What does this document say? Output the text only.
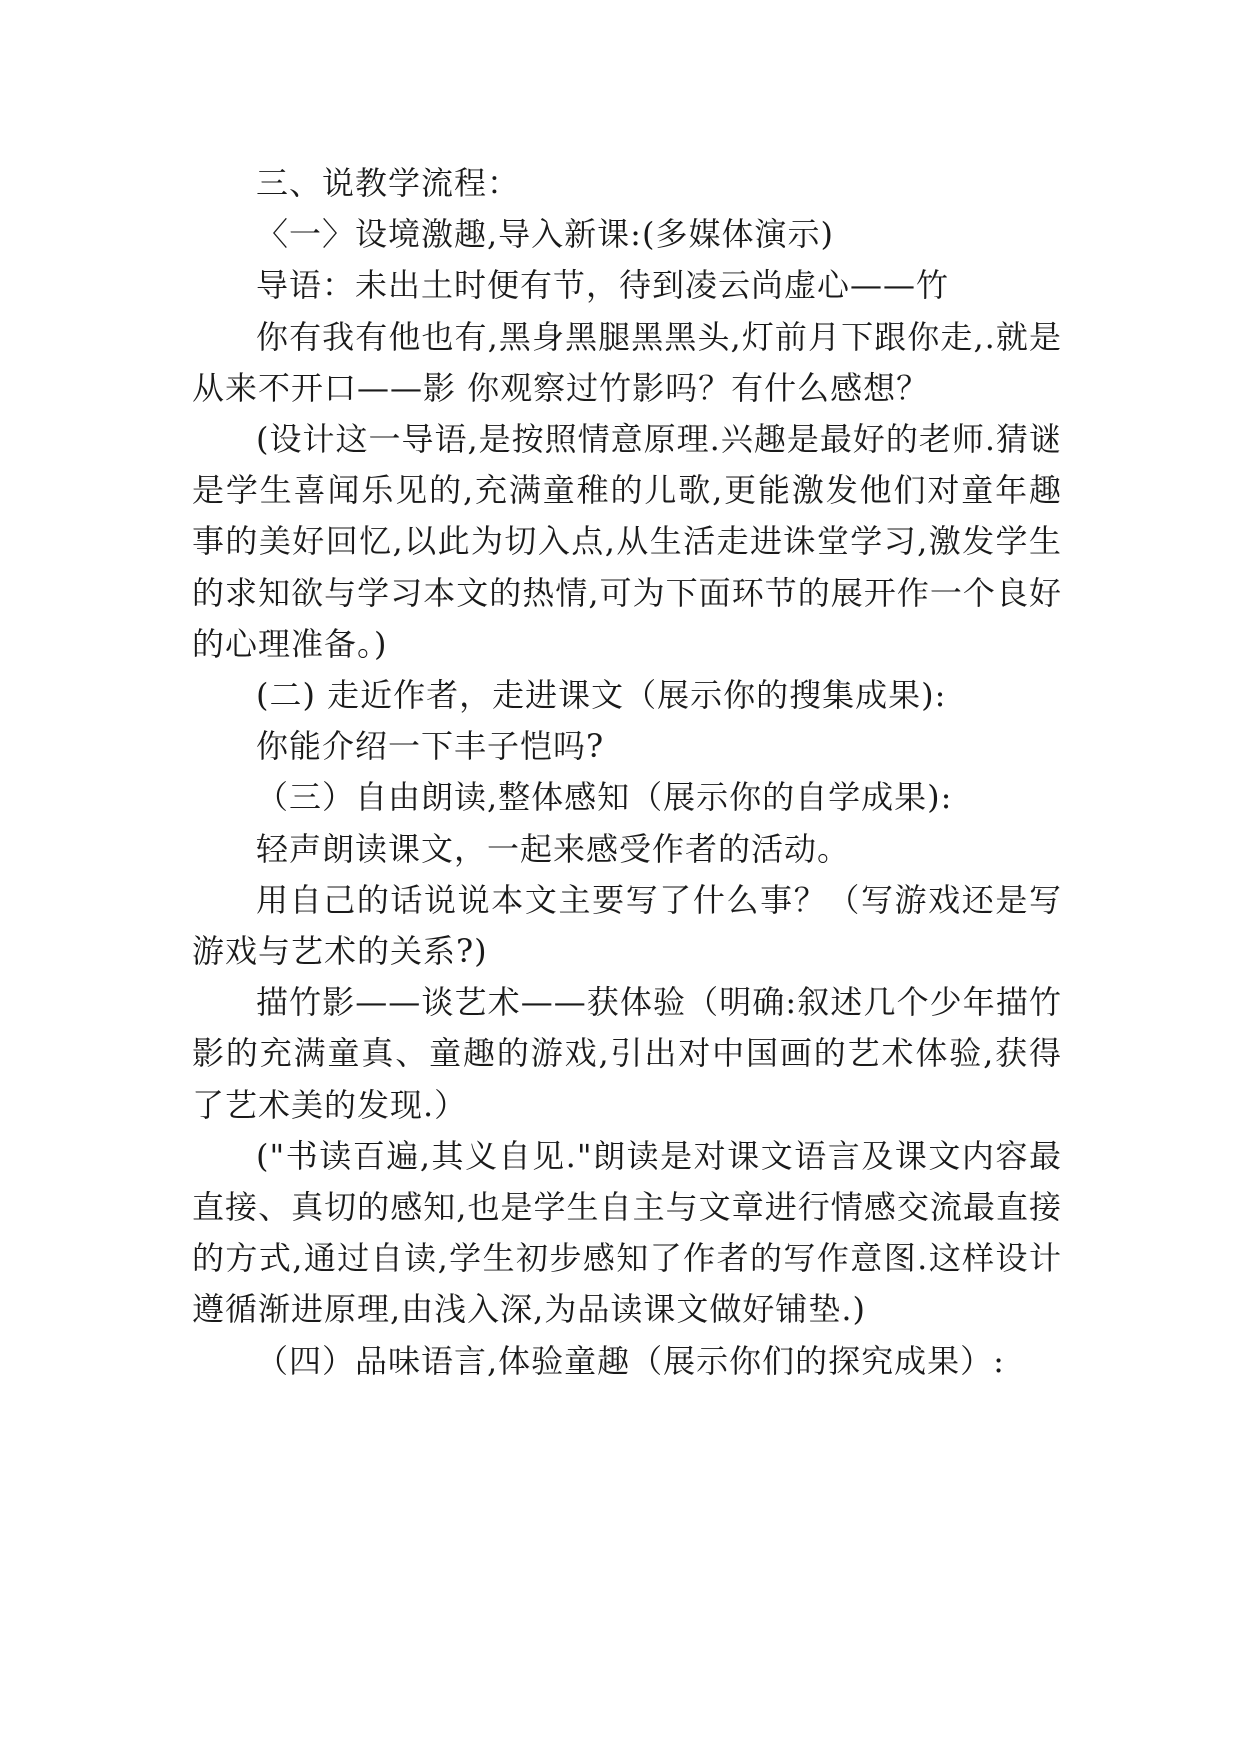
三、说教学流程：

〈一〉设境激趣,导入新课:(多媒体演示)

导语：未出土时便有节，待到凌云尚虚心——竹

你有我有他也有,黑身黑腿黑黑头,灯前月下跟你走,.就是从来不开口——影 你观察过竹影吗？有什么感想？

(设计这一导语,是按照情意原理.兴趣是最好的老师.猜谜是学生喜闻乐见的,充满童稚的儿歌,更能激发他们对童年趣事的美好回忆,以此为切入点,从生活走进诛堂学习,激发学生的求知欲与学习本文的热情,可为下面环节的展开作一个良好的心理准备。)

(二) 走近作者，走进课文（展示你的搜集成果):

你能介绍一下丰子恺吗?

（三）自由朗读,整体感知（展示你的自学成果):

轻声朗读课文，一起来感受作者的活动。

用自己的话说说本文主要写了什么事？（写游戏还是写游戏与艺术的关系?)

描竹影——谈艺术——获体验（明确:叙述几个少年描竹影的充满童真、童趣的游戏,引出对中国画的艺术体验,获得了艺术美的发现.）

("书读百遍,其义自见."朗读是对课文语言及课文内容最直接、真切的感知,也是学生自主与文章进行情感交流最直接的方式,通过自读,学生初步感知了作者的写作意图.这样设计遵循渐进原理,由浅入深,为品读课文做好铺垫.)

（四）品味语言,体验童趣（展示你们的探究成果）:
